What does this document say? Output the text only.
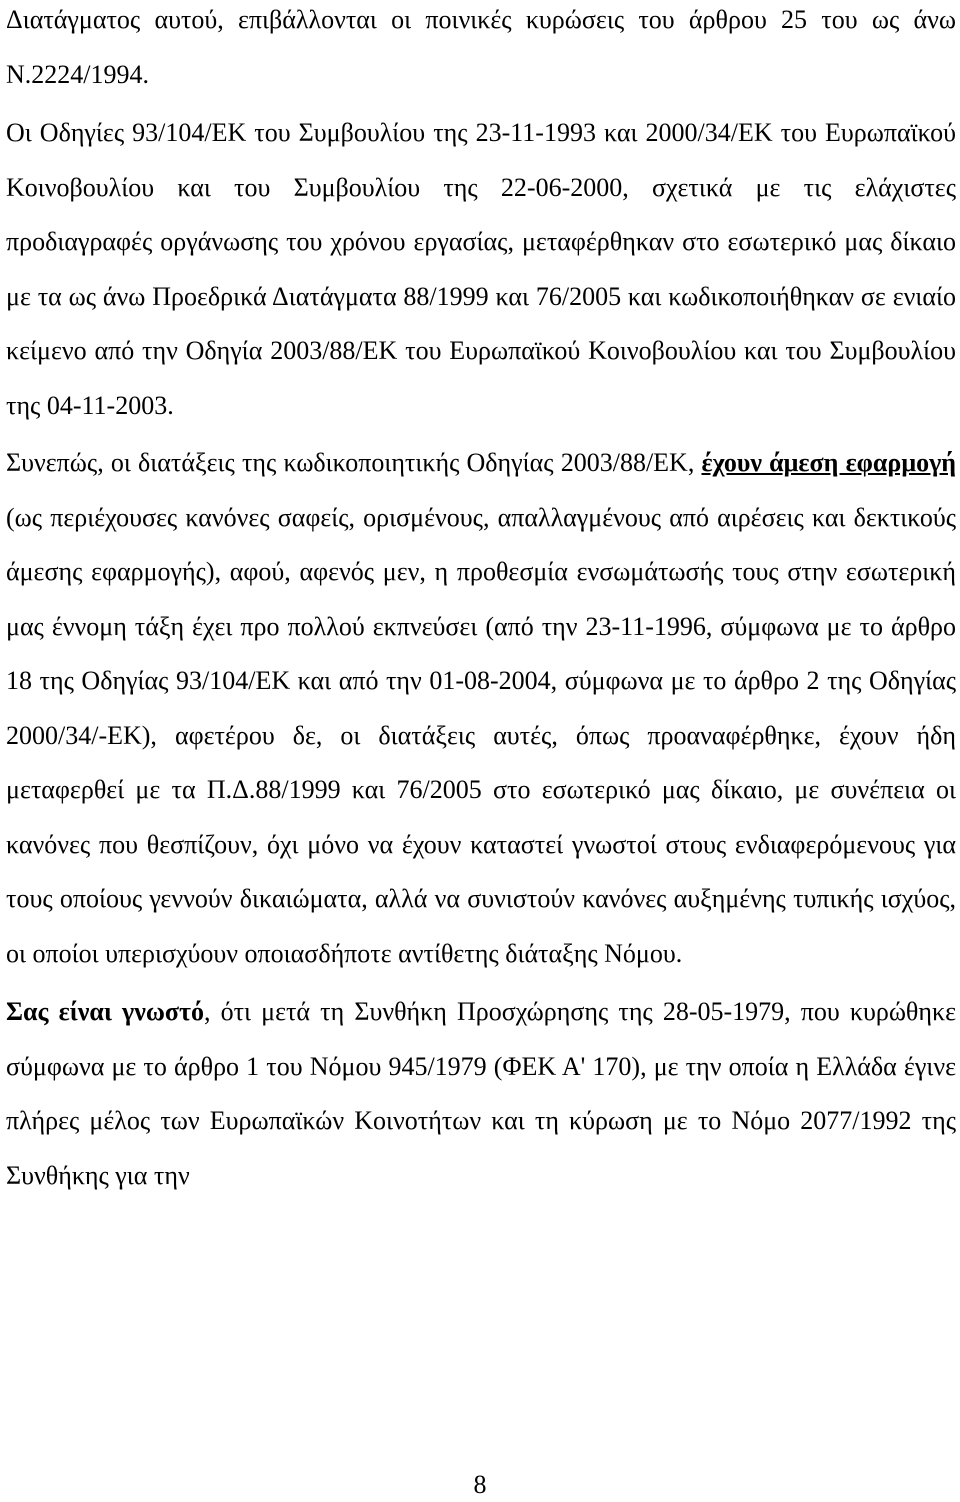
Διατάγματος αυτού, επιβάλλονται οι ποινικές κυρώσεις του άρθρου 25 του ως άνω Ν.2224/1994.

Οι Οδηγίες 93/104/ΕΚ του Συμβουλίου της 23-11-1993 και 2000/34/ΕΚ του Ευρωπαϊκού Κοινοβουλίου και του Συμβουλίου της 22-06-2000, σχετικά με τις ελάχιστες προδιαγραφές οργάνωσης του χρόνου εργασίας, μεταφέρθηκαν στο εσωτερικό μας δίκαιο με τα ως άνω Προεδρικά Διατάγματα 88/1999 και 76/2005 και κωδικοποιήθηκαν σε ενιαίο κείμενο από την Οδηγία 2003/88/ΕΚ του Ευρωπαϊκού Κοινοβουλίου και του Συμβουλίου της 04-11-2003.

Συνεπώς, οι διατάξεις της κωδικοποιητικής Οδηγίας 2003/88/ΕΚ, έχουν άμεση εφαρμογή (ως περιέχουσες κανόνες σαφείς, ορισμένους, απαλλαγμένους από αιρέσεις και δεκτικούς άμεσης εφαρμογής), αφού, αφενός μεν, η προθεσμία ενσωμάτωσής τους στην εσωτερική μας έννομη τάξη έχει προ πολλού εκπνεύσει (από την 23-11-1996, σύμφωνα με το άρθρο 18 της Οδηγίας 93/104/ΕΚ και από την 01-08-2004, σύμφωνα με το άρθρο 2 της Οδηγίας 2000/34/-ΕΚ), αφετέρου δε, οι διατάξεις αυτές, όπως προαναφέρθηκε, έχουν ήδη μεταφερθεί με τα Π.Δ.88/1999 και 76/2005 στο εσωτερικό μας δίκαιο, με συνέπεια οι κανόνες που θεσπίζουν, όχι μόνο να έχουν καταστεί γνωστοί στους ενδιαφερόμενους για τους οποίους γεννούν δικαιώματα, αλλά να συνιστούν κανόνες αυξημένης τυπικής ισχύος, οι οποίοι υπερισχύουν οποιασδήποτε αντίθετης διάταξης Νόμου.

Σας είναι γνωστό, ότι μετά τη Συνθήκη Προσχώρησης της 28-05-1979, που κυρώθηκε σύμφωνα με το άρθρο 1 του Νόμου 945/1979 (ΦΕΚ Α' 170), με την οποία η Ελλάδα έγινε πλήρες μέλος των Ευρωπαϊκών Κοινοτήτων και τη κύρωση με το Νόμο 2077/1992 της Συνθήκης για την

8
